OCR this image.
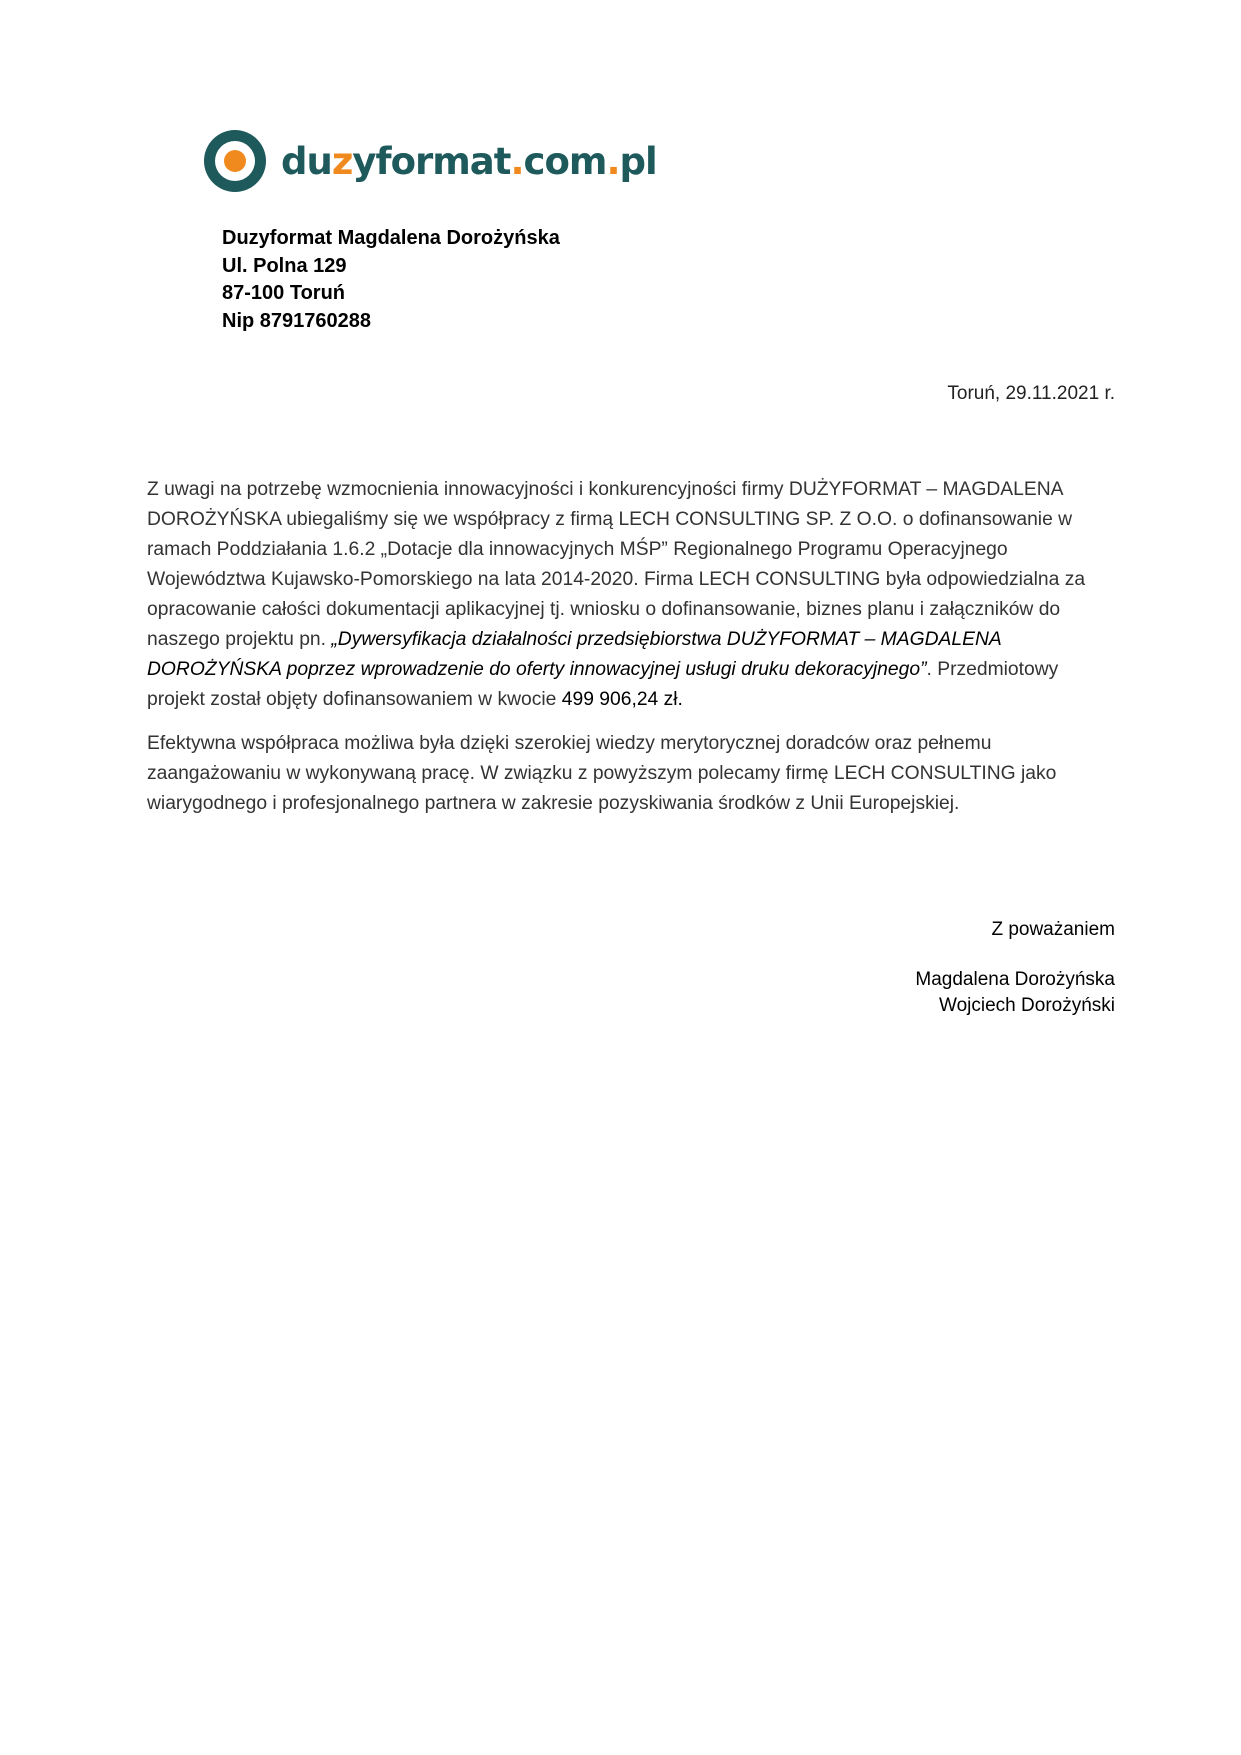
duzyformat.com.pl
Duzyformat Magdalena Dorożyńska
Ul. Polna 129
87-100 Toruń
Nip 8791760288
Toruń, 29.11.2021 r.

Z uwagi na potrzebę wzmocnienia innowacyjności i konkurencyjności firmy DUŻYFORMAT – MAGDALENA DOROŻYŃSKA ubiegaliśmy się we współpracy z firmą LECH CONSULTING SP. Z O.O. o dofinansowanie w ramach Poddziałania 1.6.2 „Dotacje dla innowacyjnych MŚP” Regionalnego Programu Operacyjnego Województwa Kujawsko-Pomorskiego na lata 2014-2020. Firma LECH CONSULTING była odpowiedzialna za opracowanie całości dokumentacji aplikacyjnej tj. wniosku o dofinansowanie, biznes planu i załączników do naszego projektu pn. „Dywersyfikacja działalności przedsiębiorstwa DUŻYFORMAT – MAGDALENA DOROŻYŃSKA poprzez wprowadzenie do oferty innowacyjnej usługi druku dekoracyjnego”. Przedmiotowy projekt został objęty dofinansowaniem w kwocie 499 906,24 zł.

Efektywna współpraca możliwa była dzięki szerokiej wiedzy merytorycznej doradców oraz pełnemu zaangażowaniu w wykonywaną pracę. W związku z powyższym polecamy firmę LECH CONSULTING jako wiarygodnego i profesjonalnego partnera w zakresie pozyskiwania środków z Unii Europejskiej.

Z poważaniem
Magdalena Dorożyńska
Wojciech Dorożyński
